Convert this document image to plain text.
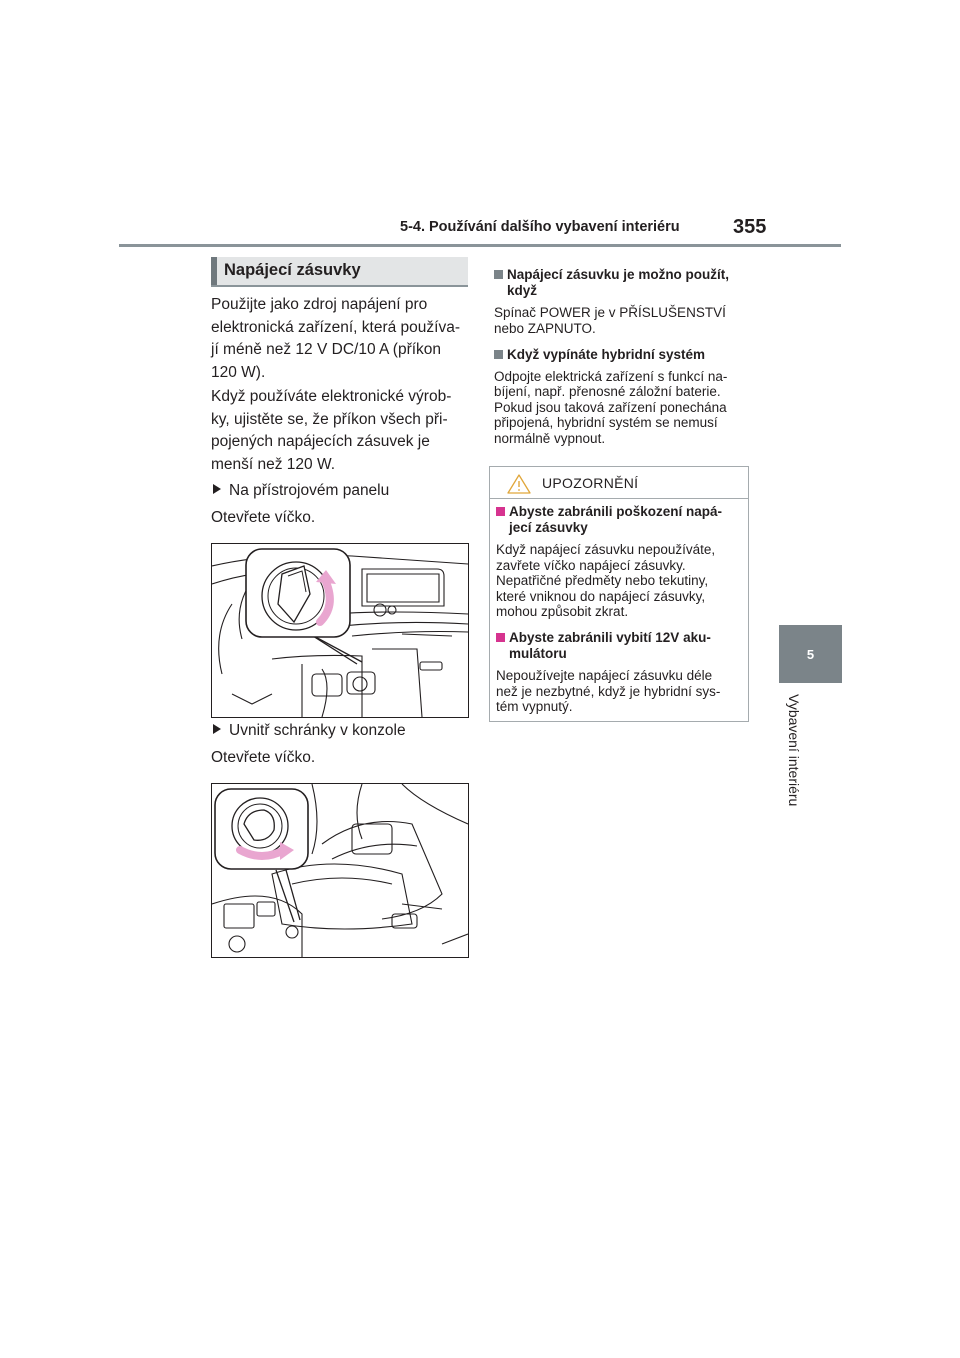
5-4. Používání dalšího vybavení interiéru	355
5
Vybavení interiéru
Napájecí zásuvky

Použijte jako zdroj napájení pro

elektronická zařízení, která používa-

jí méně než 12 V DC/10 A (příkon

120 W).

Když používáte elektronické výrob-

ky, ujistěte se, že příkon všech při-

pojených napájecích zásuvek je

menší než 120 W.

Na přístrojovém panelu

Otevřete víčko.

Uvnitř schránky v konzole

Otevřete víčko.

Napájecí zásuvku je možno použít,
když
Spínač POWER je v PŘÍSLUŠENSTVÍ
nebo ZAPNUTO.
Když vypínáte hybridní systém
Odpojte elektrická zařízení s funkcí na-
bíjení, např. přenosné záložní baterie.
Pokud jsou taková zařízení ponechána
připojená, hybridní systém se nemusí
normálně vypnout.
UPOZORNĚNÍ
Abyste zabránili poškození napá-
jecí zásuvky
Když napájecí zásuvku nepoužíváte,
zavřete víčko napájecí zásuvky.
Nepatřičné předměty nebo tekutiny,
které vniknou do napájecí zásuvky,
mohou způsobit zkrat.
Abyste zabránili vybití 12V aku-
mulátoru
Nepoužívejte napájecí zásuvku déle
než je nezbytné, když je hybridní sys-
tém vypnutý.
